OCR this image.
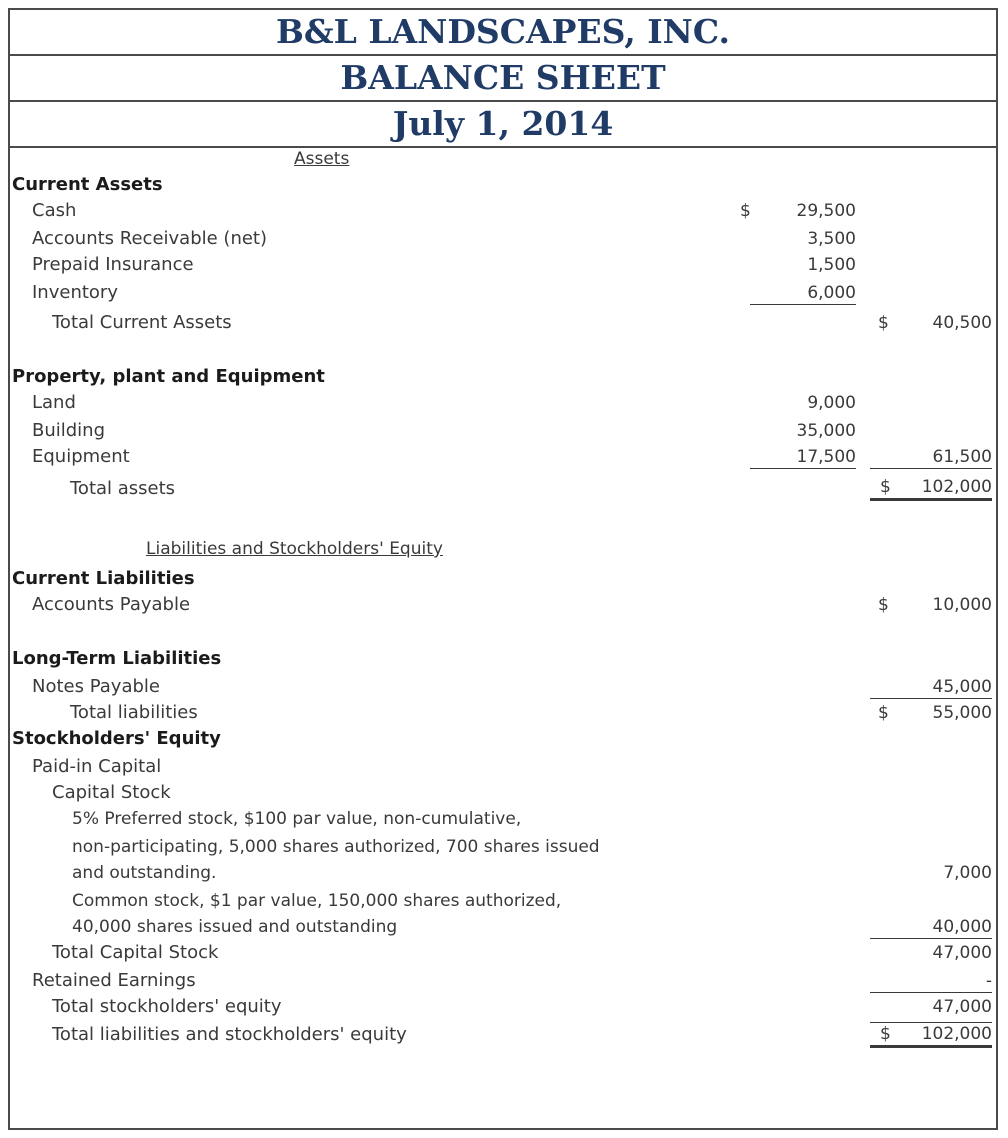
B&L LANDSCAPES, INC.
BALANCE SHEET
July 1, 2014
Assets
Current Assets
Cash	$	29,500
Accounts Receivable (net)	3,500
Prepaid Insurance	1,500
Inventory	6,000
Total Current Assets	$	40,500
Property, plant and Equipment
Land	9,000
Building	35,000
Equipment	17,500	61,500
Total assets	$ 102,000
Liabilities and Stockholders' Equity
Current Liabilities
Accounts Payable	$	10,000
Long-Term Liabilities
Notes Payable	45,000
Total liabilities	$	55,000
Stockholders' Equity
Paid-in Capital
Capital Stock
5% Preferred stock, $100 par value, non-cumulative,
non-participating, 5,000 shares authorized, 700 shares issued
and outstanding.	7,000
Common stock, $1 par value, 150,000 shares authorized,
40,000 shares issued and outstanding	40,000
Total Capital Stock	47,000
Retained Earnings	-
Total stockholders' equity	47,000
Total liabilities and stockholders' equity	$ 102,000
